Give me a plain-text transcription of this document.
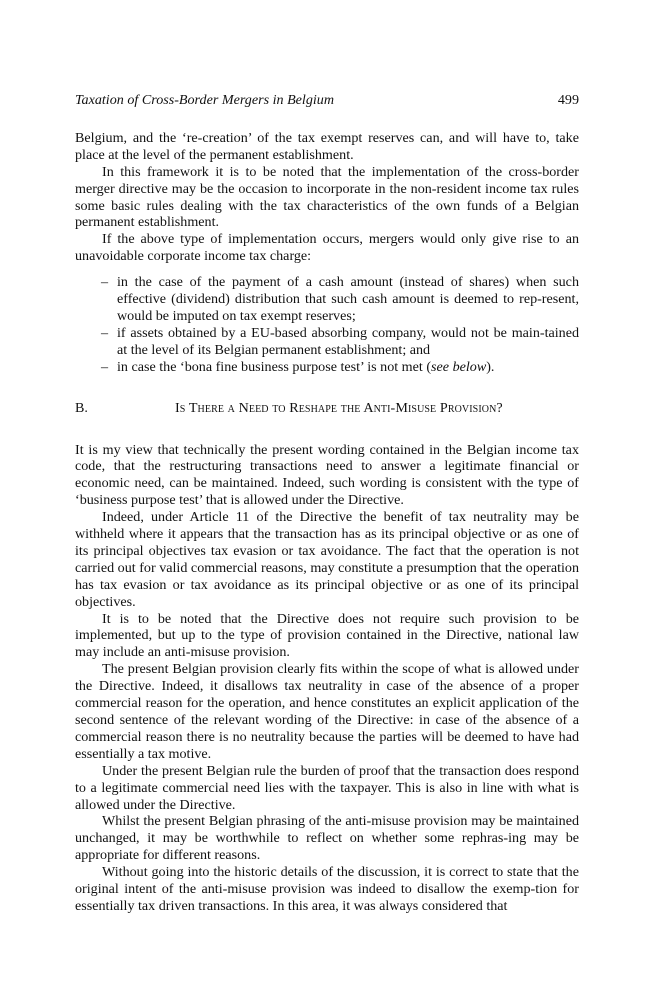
Taxation of Cross-Border Mergers in Belgium	499

Belgium, and the ‘re-creation’ of the tax exempt reserves can, and will have to, take place at the level of the permanent establishment.

In this framework it is to be noted that the implementation of the cross-border merger directive may be the occasion to incorporate in the non-resident income tax rules some basic rules dealing with the tax characteristics of the own funds of a Belgian permanent establishment.

If the above type of implementation occurs, mergers would only give rise to an unavoidable corporate income tax charge:

– in the case of the payment of a cash amount (instead of shares) when such effective (dividend) distribution that such cash amount is deemed to rep-resent, would be imputed on tax exempt reserves;
– if assets obtained by a EU-based absorbing company, would not be main-tained at the level of its Belgian permanent establishment; and
– in case the ‘bona fine business purpose test’ is not met (see below).
B.	Is There a Need to Reshape the Anti-Misuse Provision?

It is my view that technically the present wording contained in the Belgian income tax code, that the restructuring transactions need to answer a legitimate financial or economic need, can be maintained. Indeed, such wording is consistent with the type of ‘business purpose test’ that is allowed under the Directive.

Indeed, under Article 11 of the Directive the benefit of tax neutrality may be withheld where it appears that the transaction has as its principal objective or as one of its principal objectives tax evasion or tax avoidance. The fact that the operation is not carried out for valid commercial reasons, may constitute a presumption that the operation has tax evasion or tax avoidance as its principal objective or as one of its principal objectives.

It is to be noted that the Directive does not require such provision to be implemented, but up to the type of provision contained in the Directive, national law may include an anti-misuse provision.

The present Belgian provision clearly fits within the scope of what is allowed under the Directive. Indeed, it disallows tax neutrality in case of the absence of a proper commercial reason for the operation, and hence constitutes an explicit application of the second sentence of the relevant wording of the Directive: in case of the absence of a commercial reason there is no neutrality because the parties will be deemed to have had essentially a tax motive.

Under the present Belgian rule the burden of proof that the transaction does respond to a legitimate commercial need lies with the taxpayer. This is also in line with what is allowed under the Directive.

Whilst the present Belgian phrasing of the anti-misuse provision may be maintained unchanged, it may be worthwhile to reflect on whether some rephras-ing may be appropriate for different reasons.

Without going into the historic details of the discussion, it is correct to state that the original intent of the anti-misuse provision was indeed to disallow the exemp-tion for essentially tax driven transactions. In this area, it was always considered that
